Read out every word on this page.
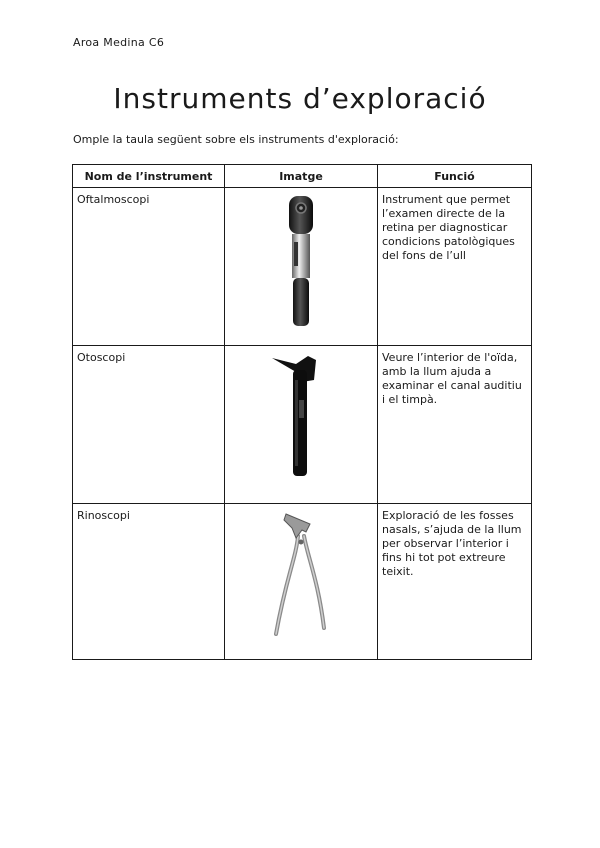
Aroa Medina C6
Instruments d’exploració
Omple la taula següent sobre els instruments d'exploració:
Nom de l’instrument	Imatge	Funció
Oftalmoscopi		Instrument que permet l’examen directe de la retina per diagnosticar condicions patològiques del fons de l’ull

Otoscopi		Veure l’interior de l'oïda, amb la llum ajuda a examinar el canal auditiu i el timpà.

Rinoscopi		Exploració de les fosses nasals, s’ajuda de la llum per observar l’interior i fins hi tot pot extreure teixit.
